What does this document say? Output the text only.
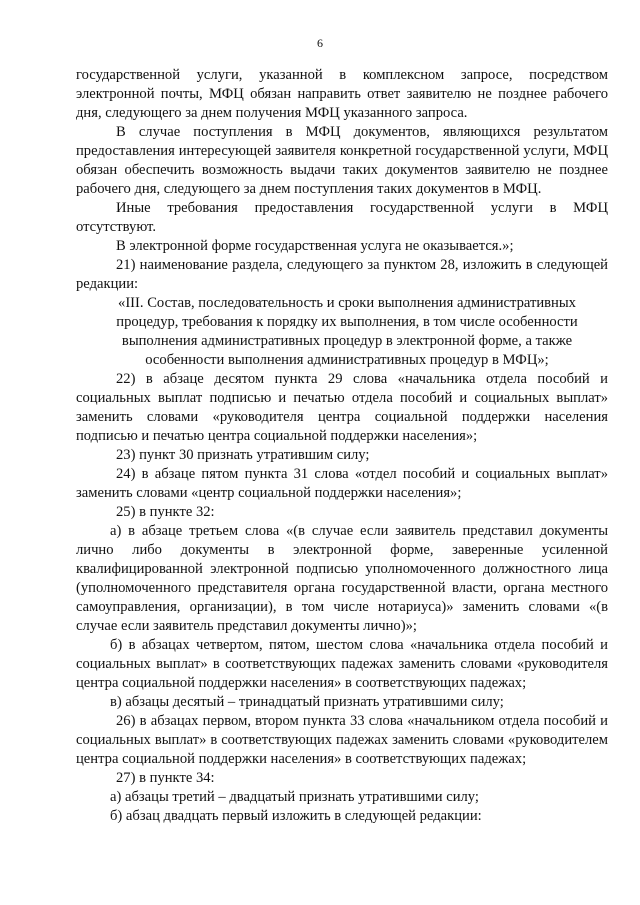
6

государственной услуги, указанной в комплексном запросе, посредством электронной почты, МФЦ обязан направить ответ заявителю не позднее рабочего дня, следующего за днем получения МФЦ указанного запроса.

В случае поступления в МФЦ документов, являющихся результатом предоставления интересующей заявителя конкретной государственной услуги, МФЦ обязан обеспечить возможность выдачи таких документов заявителю не позднее рабочего дня, следующего за днем поступления таких документов в МФЦ.

Иные требования предоставления государственной услуги в МФЦ отсутствуют.

В электронной форме государственная услуга не оказывается.»;

21) наименование раздела, следующего за пунктом 28, изложить в следующей редакции:

«III. Состав, последовательность и сроки выполнения административных
процедур, требования к порядку их выполнения, в том числе особенности
выполнения административных процедур в электронной форме, а также
особенности выполнения административных процедур в МФЦ»;

22) в абзаце десятом пункта 29 слова «начальника отдела пособий и социальных выплат подписью и печатью отдела пособий и социальных выплат» заменить словами «руководителя центра социальной поддержки населения подписью и печатью центра социальной поддержки населения»;

23) пункт 30 признать утратившим силу;

24) в абзаце пятом пункта 31 слова «отдел пособий и социальных выплат» заменить словами «центр социальной поддержки населения»;

25) в пункте 32:

а) в абзаце третьем слова «(в случае если заявитель представил документы лично либо документы в электронной форме, заверенные усиленной квалифицированной электронной подписью уполномоченного должностного лица (уполномоченного представителя органа государственной власти, органа местного самоуправления, организации), в том числе нотариуса)» заменить словами «(в случае если заявитель представил документы лично)»;

б) в абзацах четвертом, пятом, шестом слова «начальника отдела пособий и социальных выплат» в соответствующих падежах заменить словами «руководителя центра социальной поддержки населения» в соответствующих падежах;

в) абзацы десятый – тринадцатый признать утратившими силу;

26) в абзацах первом, втором пункта 33 слова «начальником отдела пособий и социальных выплат» в соответствующих падежах заменить словами «руководителем центра социальной поддержки населения» в соответствующих падежах;

27) в пункте 34:

а) абзацы третий – двадцатый признать утратившими силу;

б) абзац двадцать первый изложить в следующей редакции:
